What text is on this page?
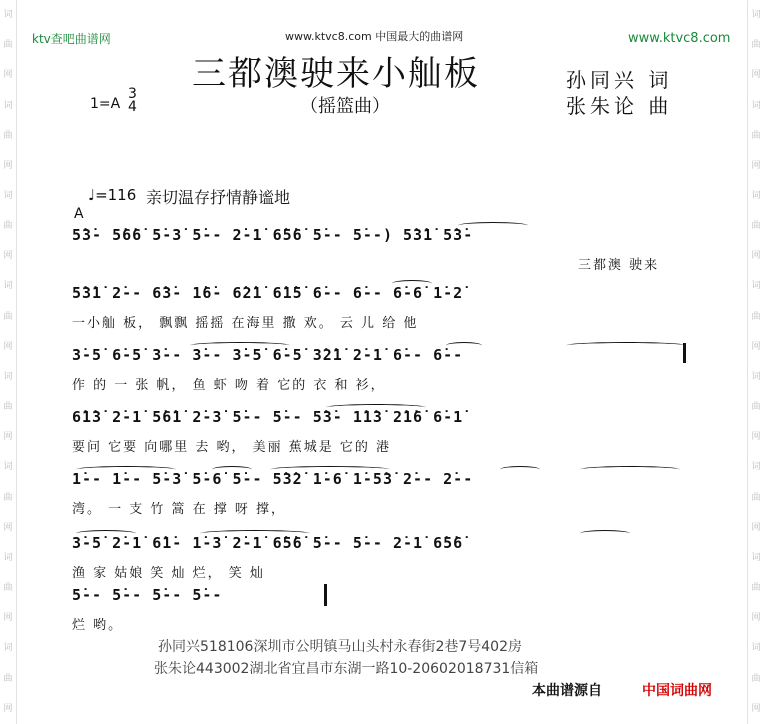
词
曲
网
词
曲
网
词
曲
网
词
曲
网
词
曲
网
词
曲
网
词
曲
网
词
曲
网
词
曲
网
词
曲
网
词
曲
网
词
曲
网
词
曲
网
词
曲
网
词
曲
网
词
曲
网
ktv查吧曲谱网	www.ktvc8.com 中国最大的曲谱网	www.ktvc8.com
三都澳驶来小舢板
（摇篮曲）
孙同兴 词
张朱论 曲
1=A
3
4
♩=116 亲切温存抒情静谧地
A
5̇3̇- 5̇6̇6̇ 5̇-3̇ 5̇-- 2̇-1̇ 6̇5̇6̇ 5̇-- 5̇--) 5̇3̇1̇ 5̇3̇-
三都澳 驶来
5̇3̇1̇ 2̇-- 6̇3̇- 1̇6̇- 6̇2̇1̇ 6̇1̇5̇ 6̇-- 6̇-- 6̇-6̇ 1̇-2̇
一小舢 板， 飘飘 摇摇 在海里 撒 欢。 云 儿 给 他
3̇-5̇ 6̇-5̇ 3̇-- 3̇-- 3̇-5̇ 6̇-5̇ 3̇2̇1̇ 2̇-1̇ 6̇-- 6̇--
作 的 一 张 帆， 鱼 虾 吻 着 它的 衣 和 衫，
6̇1̇3̇ 2̇-1̇ 5̇6̇1̇ 2̇-3̇ 5̇-- 5̇-- 5̇3̇- 1̇1̇3̇ 2̇1̇6̇ 6̇-1̇
要问 它要 向哪里 去 哟， 美丽 蕉城是 它的 港
1̇-- 1̇-- 5̇-3̇ 5̇-6̇ 5̇-- 5̇3̇2̇ 1̇-6̇ 1̇-5̇3̇ 2̇-- 2̇--
湾。 一 支 竹 篙 在 撑 呀 撑，
3̇-5̇ 2̇-1̇ 6̇1̇- 1̇-3̇ 2̇-1̇ 6̇5̇6̇ 5̇-- 5̇-- 2̇-1̇ 6̇5̇6̇
渔 家 姑娘 笑 灿 烂， 笑 灿
5̇-- 5̇-- 5̇-- 5̇--
烂 哟。
孙同兴518106深圳市公明镇马山头村永春街2巷7号402房
张朱论443002湖北省宜昌市东湖一路10-20602018731信箱
本曲谱源自	中国词曲网
